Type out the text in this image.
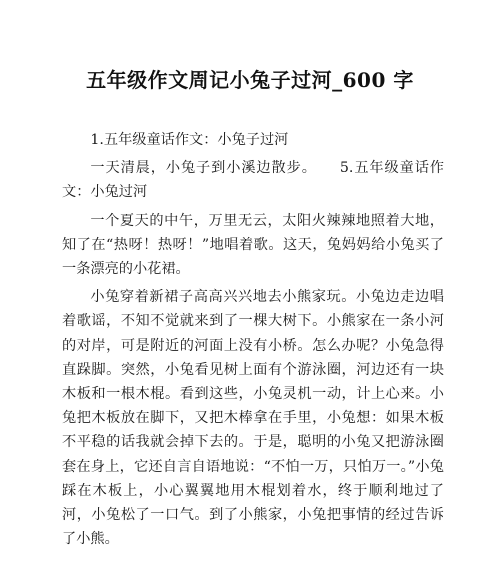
五年级作文周记小兔子过河_600 字

1.五年级童话作文：小兔子过河

一天清晨，小兔子到小溪边散步。　　5.五年级童话作文：小兔过河

一个夏天的中午，万里无云，太阳火辣辣地照着大地，知了在“热呀！热呀！”地唱着歌。这天，兔妈妈给小兔买了一条漂亮的小花裙。

小兔穿着新裙子高高兴兴地去小熊家玩。小兔边走边唱着歌谣，不知不觉就来到了一棵大树下。小熊家在一条小河的对岸，可是附近的河面上没有小桥。怎么办呢？小兔急得直跺脚。突然，小兔看见树上面有个游泳圈，河边还有一块木板和一根木棍。看到这些，小兔灵机一动，计上心来。小兔把木板放在脚下，又把木棒拿在手里，小兔想：如果木板不平稳的话我就会掉下去的。于是，聪明的小兔又把游泳圈套在身上，它还自言自语地说：“不怕一万，只怕万一。”小兔踩在木板上，小心翼翼地用木棍划着水，终于顺利地过了河，小兔松了一口气。到了小熊家，小兔把事情的经过告诉了小熊。
